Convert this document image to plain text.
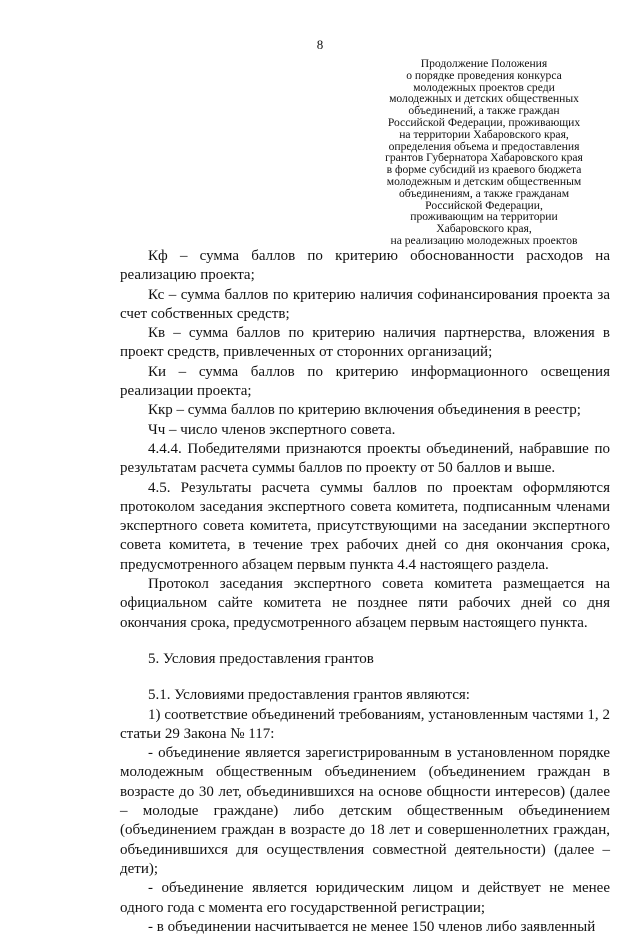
8
Продолжение Положения
о порядке проведения конкурса
молодежных проектов среди
молодежных и детских общественных
объединений, а также граждан
Российской Федерации, проживающих
на территории Хабаровского края,
определения объема и предоставления
грантов Губернатора Хабаровского края
в форме субсидий из краевого бюджета
молодежным и детским общественным
объединениям, а также гражданам
Российской Федерации,
проживающим на территории
Хабаровского края,
на реализацию молодежных проектов

Кф – сумма баллов по критерию обоснованности расходов на реализацию проекта;

Кс – сумма баллов по критерию наличия софинансирования проекта за счет собственных средств;

Кв – сумма баллов по критерию наличия партнерства, вложения в проект средств, привлеченных от сторонних организаций;

Ки – сумма баллов по критерию информационного освещения реализации проекта;

Ккр – сумма баллов по критерию включения объединения в реестр;

Чч – число членов экспертного совета.

4.4.4. Победителями признаются проекты объединений, набравшие по результатам расчета суммы баллов по проекту от 50 баллов и выше.

4.5. Результаты расчета суммы баллов по проектам оформляются протоколом заседания экспертного совета комитета, подписанным членами экспертного совета комитета, присутствующими на заседании экспертного совета комитета, в течение трех рабочих дней со дня окончания срока, предусмотренного абзацем первым пункта 4.4 настоящего раздела.

Протокол заседания экспертного совета комитета размещается на официальном сайте комитета не позднее пяти рабочих дней со дня окончания срока, предусмотренного абзацем первым настоящего пункта.

5. Условия предоставления грантов

5.1. Условиями предоставления грантов являются:

1) соответствие объединений требованиям, установленным частями 1, 2 статьи 29 Закона № 117:

- объединение является зарегистрированным в установленном порядке молодежным общественным объединением (объединением граждан в возрасте до 30 лет, объединившихся на основе общности интересов) (далее – молодые граждане) либо детским общественным объединением (объединением граждан в возрасте до 18 лет и совершеннолетних граждан, объединившихся для осуществления совместной деятельности) (далее – дети);

- объединение является юридическим лицом и действует не менее одного года с момента его государственной регистрации;

- в объединении насчитывается не менее 150 членов либо заявленный
